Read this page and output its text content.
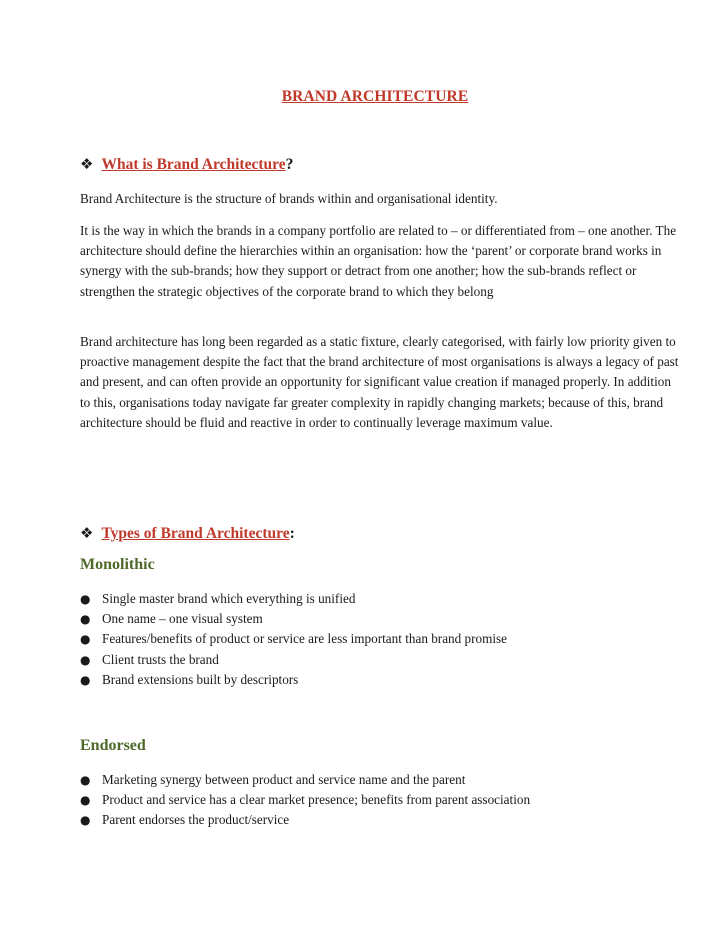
BRAND ARCHITECTURE
❖ What is Brand Architecture?

Brand Architecture is the structure of brands within and organisational identity.

It is the way in which the brands in a company portfolio are related to – or differentiated from – one another. The architecture should define the hierarchies within an organisation: how the ‘parent’ or corporate brand works in synergy with the sub-brands; how they support or detract from one another; how the sub-brands reflect or strengthen the strategic objectives of the corporate brand to which they belong

Brand architecture has long been regarded as a static fixture, clearly categorised, with fairly low priority given to proactive management despite the fact that the brand architecture of most organisations is always a legacy of past and present, and can often provide an opportunity for significant value creation if managed properly. In addition to this, organisations today navigate far greater complexity in rapidly changing markets; because of this, brand architecture should be fluid and reactive in order to continually leverage maximum value.

❖ Types of Brand Architecture:
Monolithic
● Single master brand which everything is unified
● One name – one visual system
● Features/benefits of product or service are less important than brand promise
● Client trusts the brand
● Brand extensions built by descriptors
Endorsed
● Marketing synergy between product and service name and the parent
● Product and service has a clear market presence; benefits from parent association
● Parent endorses the product/service
